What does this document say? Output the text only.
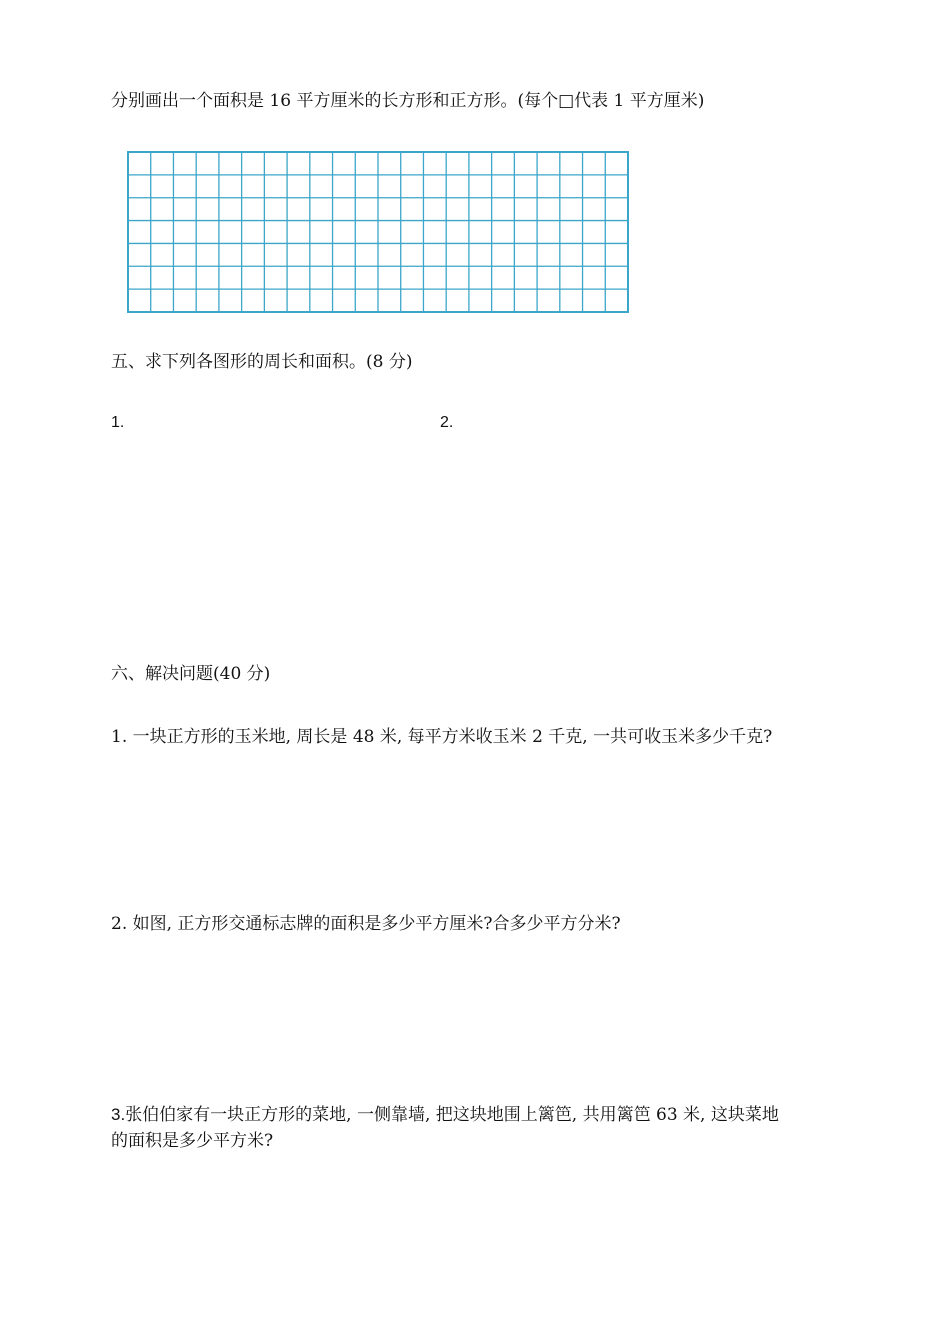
分别画出一个面积是 16 平方厘米的长方形和正方形。(每个□代表 1 平方厘米)
五、求下列各图形的周长和面积。(8 分)
1.	2.
六、解决问题(40 分)
1. 一块正方形的玉米地, 周长是 48 米, 每平方米收玉米 2 千克, 一共可收玉米多少千克?
2. 如图, 正方形交通标志牌的面积是多少平方厘米?合多少平方分米?
3.张伯伯家有一块正方形的菜地, 一侧靠墙, 把这块地围上篱笆, 共用篱笆 63 米, 这块菜地
的面积是多少平方米?
